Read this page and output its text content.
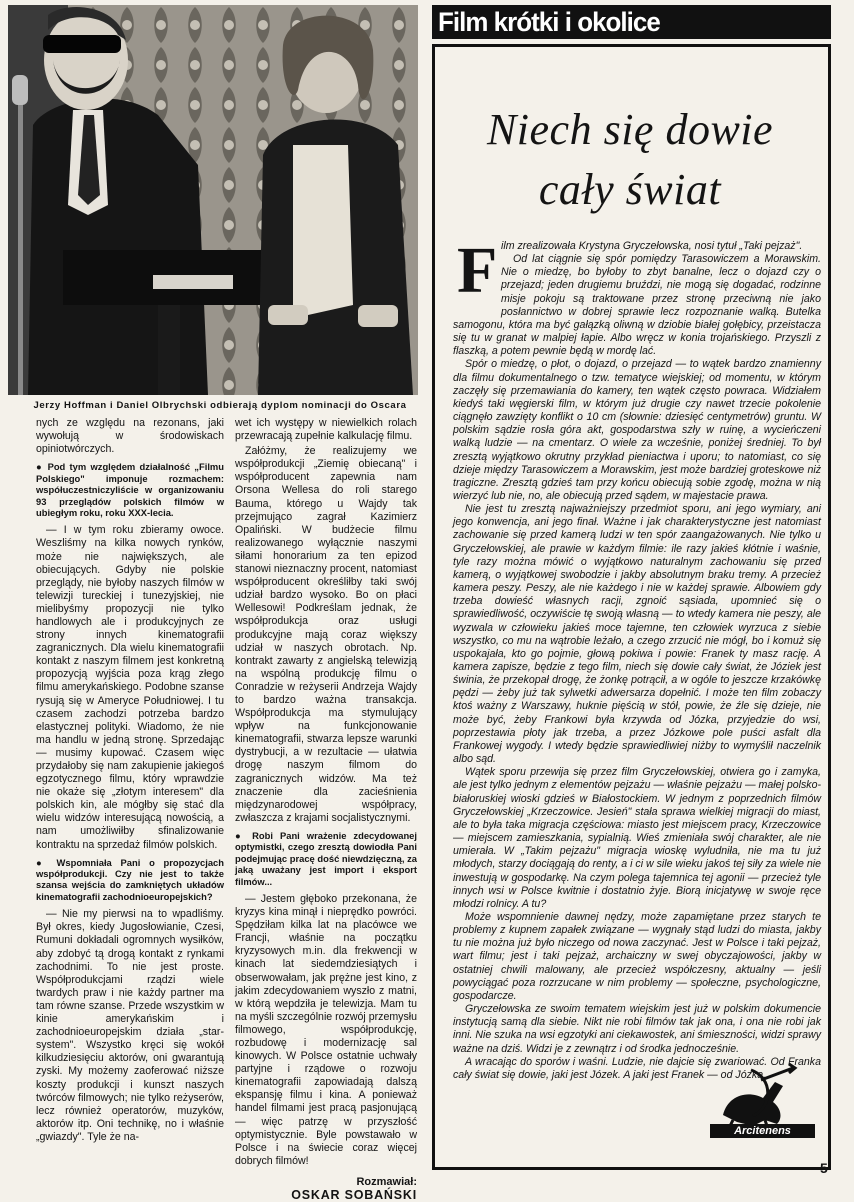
Jerzy Hoffman i Daniel Olbrychski odbierają dyplom nominacji do Oscara

nych ze względu na rezonans, jaki wywołują w środowiskach opiniotwórczych.

● Pod tym względem działalność „Filmu Polskiego" imponuje rozmachem: współuczestniczyliście w organizowaniu 93 przeglądów polskich filmów w ubiegłym roku, roku XXX-lecia.

— I w tym roku zbieramy owoce. Weszliśmy na kilka nowych rynków, może nie największych, ale obiecujących. Gdyby nie polskie przeglądy, nie byłoby naszych filmów w telewizji tureckiej i tunezyjskiej, nie mielibyśmy propozycji nie tylko handlowych ale i produkcyjnych ze strony innych kinematografii zagranicznych. Dla wielu kinematografii kontakt z naszym filmem jest konkretną propozycją wyjścia poza krąg złego filmu amerykańskiego. Podobne szanse rysują się w Ameryce Południowej. I tu czasem zachodzi potrzeba bardzo elastycznej polityki. Wiadomo, że nie ma handlu w jedną stronę. Sprzedając — musimy kupować. Czasem więc przydałoby się nam zakupienie jakiegoś egzotycznego filmu, który wprawdzie nie okaże się „złotym interesem" dla polskich kin, ale mógłby się stać dla wielu widzów interesującą nowością, a nam umożliwiłby sfinalizowanie kontraktu na sprzedaż filmów polskich.

● Wspomniała Pani o propozycjach współprodukcji. Czy nie jest to także szansa wejścia do zamkniętych układów kinematografii zachodnioeuropejskich?

— Nie my pierwsi na to wpadliśmy. Był okres, kiedy Jugosłowianie, Czesi, Rumuni dokładali ogromnych wysiłków, aby zdobyć tą drogą kontakt z rynkami zachodnimi. To nie jest proste. Współprodukcjami rządzi wiele twardych praw i nie każdy partner ma tam równe szanse. Przede wszystkim w kinie amerykańskim i zachodnioeuropejskim działa „star-system". Wszystko kręci się wokół kilkudziesięciu aktorów, oni gwarantują zyski. My możemy zaoferować niższe koszty produkcji i kunszt naszych twórców filmowych; nie tylko reżyserów, lecz również operatorów, muzyków, aktorów itp. Oni technikę, no i właśnie „gwiazdy". Tyle że na-

wet ich występy w niewielkich rolach przewracają zupełnie kalkulację filmu.

Załóżmy, że realizujemy we współprodukcji „Ziemię obiecaną" i współproducent zapewnia nam Orsona Wellesa do roli starego Bauma, którego u Wajdy tak przejmująco zagrał Kazimierz Opaliński. W budżecie filmu realizowanego wyłącznie naszymi siłami honorarium za ten epizod stanowi nieznaczny procent, natomiast współproducent określiłby taki swój udział bardzo wysoko. Bo on płaci Wellesowi! Podkreślam jednak, że współprodukcja oraz usługi produkcyjne mają coraz większy udział w naszych obrotach. Np. kontrakt zawarty z angielską telewizją na wspólną produkcję filmu o Conradzie w reżyserii Andrzeja Wajdy to bardzo ważna transakcja. Współprodukcja ma stymulujący wpływ na funkcjonowanie kinematografii, stwarza lepsze warunki dystrybucji, a w rezultacie — ułatwia drogę naszym filmom do zagranicznych widzów. Ma też znaczenie dla zacieśnienia międzynarodowej współpracy, zwłaszcza z krajami socjalistycznymi.

● Robi Pani wrażenie zdecydowanej optymistki, czego zresztą dowiodła Pani podejmując pracę dość niewdzięczną, za jaką uważany jest import i eksport filmów...

— Jestem głęboko przekonana, że kryzys kina minął i nieprędko powróci. Spędziłam kilka lat na placówce we Francji, właśnie na początku kryzysowych m.in. dla frekwencji w kinach lat siedemdziesiątych i obserwowałam, jak prężne jest kino, z jakim zdecydowaniem wyszło z matni, w którą wepdziła je telewizja. Mam tu na myśli szczególnie rozwój przemysłu filmowego, współprodukcję, rozbudowę i modernizację sal kinowych. W Polsce ostatnie uchwały partyjne i rządowe o rozwoju kinematografii zapowiadają dalszą ekspansję filmu i kina. A ponieważ handel filmami jest pracą pasjonującą — więc patrzę w przyszłość optymistycznie. Byle powstawało w Polsce i na świecie coraz więcej dobrych filmów!

Rozmawiał:
OSKAR SOBAŃSKI
Film krótki i okolice
Niech się dowie
cały świat

ilm zrealizowała Krystyna Gryczełowska, nosi tytuł „Taki pejzaż".

Od lat ciągnie się spór pomiędzy Tarasowiczem a Morawskim. Nie o miedzę, bo byłoby to zbyt banalne, lecz o dojazd czy o przejazd; jeden drugiemu bruździ, nie mogą się dogadać, rodzinne misje pokoju są traktowane przez stronę przeciwną nie jako posłannictwo w dobrej sprawie lecz rozpoznanie walką. Butelka samogonu, która ma być gałązką oliwną w dziobie białej gołębicy, przeistacza się tu w granat w malpiej łapie. Albo wręcz w konia trojańskiego. Przyszli z flaszką, a potem pewnie będą w mordę lać.

Spór o miedzę, o płot, o dojazd, o przejazd — to wątek bardzo znamienny dla filmu dokumentalnego o tzw. tematyce wiejskiej; od momentu, w którym zaczęły się przemawiania do kamery, ten wątek często powraca. Widziałem kiedyś taki węgierski film, w którym już drugie czy nawet trzecie pokolenie ciągnęło zawzięty konflikt o 10 cm (słownie: dziesięć centymetrów) gruntu. W polskim sądzie rosła góra akt, gospodarstwa szły w ruinę, a wycieńczeni walką ludzie — na cmentarz. O wiele za wcześnie, poniżej średniej. To był zresztą wyjątkowo okrutny przykład pieniactwa i uporu; to natomiast, co się dzieje między Tarasowiczem a Morawskim, jest może bardziej groteskowe niż tragiczne. Zresztą gdzieś tam przy końcu obiecują sobie zgodę, można w nią wierzyć lub nie, no, ale obiecują przed sądem, w majestacie prawa.

Nie jest tu zresztą najważniejszy przedmiot sporu, ani jego wymiary, ani jego konwencja, ani jego finał. Ważne i jak charakterystyczne jest natomiast zachowanie się przed kamerą ludzi w ten spór zaangażowanych. Nie tylko u Gryczełowskiej, ale prawie w każdym filmie: ile razy jakieś kłótnie i waśnie, tyle razy można mówić o wyjątkowo naturalnym zachowaniu się przed kamerą, o wyjątkowej swobodzie i jakby absolutnym braku tremy. A przecież kamera peszy. Peszy, ale nie każdego i nie w każdej sprawie. Albowiem gdy trzeba dowieść własnych racji, zgnoić sąsiada, upomnieć się o sprawiedliwość, oczywiście tę swoją własną — to wtedy kamera nie peszy, ale wyzwala w człowieku jakieś moce tajemne, ten człowiek wyrzuca z siebie wszystko, co mu na wątrobie leżało, a czego zrzucić nie mógł, bo i komuż się uspokajała, kto go pojmie, głową pokiwa i powie: Franek ty masz rację. A kamera zapisze, będzie z tego film, niech się dowie cały świat, że Józiek jest świnia, że przekopał drogę, że żonkę potrącił, a w ogóle to jeszcze krzakówkę pędzi — żeby już tak sylwetki adwersarza dopełnić. I może ten film zobaczy ktoś ważny z Warszawy, huknie pięścią w stół, powie, że źle się dzieje, nie może być, żeby Frankowi była krzywda od Józka, przyjedzie do wsi, poprzestawia płoty jak trzeba, a przez Józkowe pole puści asfalt dla Frankowej wygody. I wtedy będzie sprawiedliwiej niżby to wymyślił naczelnik albo sąd.

Wątek sporu przewija się przez film Gryczełowskiej, otwiera go i zamyka, ale jest tylko jednym z elementów pejzażu — właśnie pejzażu — małej polsko-białoruskiej wioski gdzieś w Białostockiem. W jednym z poprzednich filmów Gryczełowskiej „Krzeczowice. Jesień" stała sprawa wielkiej migracji do miast, ale to była taka migracja częściowa: miasto jest miejscem pracy, Krzeczowice — miejscem zamieszkania, sypialnią. Wieś zmieniała swój charakter, ale nie umierała. W „Takim pejzażu" migracja wioskę wyludniła, nie ma tu już młodych, starzy dociągają do renty, a i ci w sile wieku jakoś tej siły za wiele nie inwestują w gospodarkę. Na czym polega tajemnica tej agonii — przecież tyle innych wsi w Polsce kwitnie i dostatnio żyje. Biorą inicjatywę w swoje ręce młodzi rolnicy. A tu?

Może wspomnienie dawnej nędzy, może zapamiętane przez starych te problemy z kupnem zapałek związane — wygnały stąd ludzi do miasta, jakby tu nie można już było niczego od nowa zaczynać. Jest w Polsce i taki pejzaż, wart filmu; jest i taki pejzaż, archaiczny w swej obyczajowości, jakby w ostatniej chwili malowany, ale przecież współczesny, aktualny — jeśli powyciągać poza rozrzucane w nim problemy — społeczne, psychologiczne, gospodarcze.

Gryczełowska ze swoim tematem wiejskim jest już w polskim dokumencie instytucją samą dla siebie. Nikt nie robi filmów tak jak ona, i ona nie robi jak inni. Nie szuka na wsi egzotyki ani ciekawostek, ani śmieszności, widzi sprawy ważne na dziś. Widzi je z zewnątrz i od środka jednocześnie.

A wracając do sporów i waśni. Ludzie, nie dajcie się zwariować. Od Franka cały świat się dowie, jaki jest Józek. A jaki jest Franek — od Józka.

F
Arcitenens
5
